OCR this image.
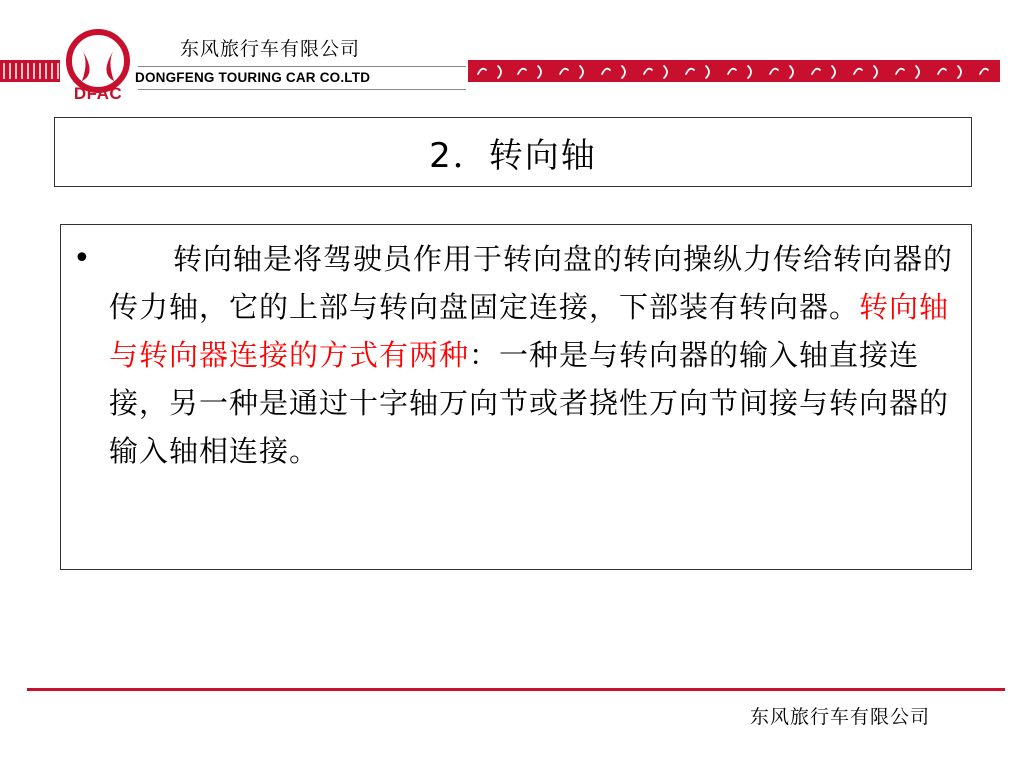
DFAC
东风旅行车有限公司
DONGFENG TOURING CAR CO.LTD
2．转向轴
•	转向轴是将驾驶员作用于转向盘的转向操纵力传给转向器的传力轴，它的上部与转向盘固定连接，下部装有转向器。转向轴与转向器连接的方式有两种：一种是与转向器的输入轴直接连接，另一种是通过十字轴万向节或者挠性万向节间接与转向器的输入轴相连接。
东风旅行车有限公司
